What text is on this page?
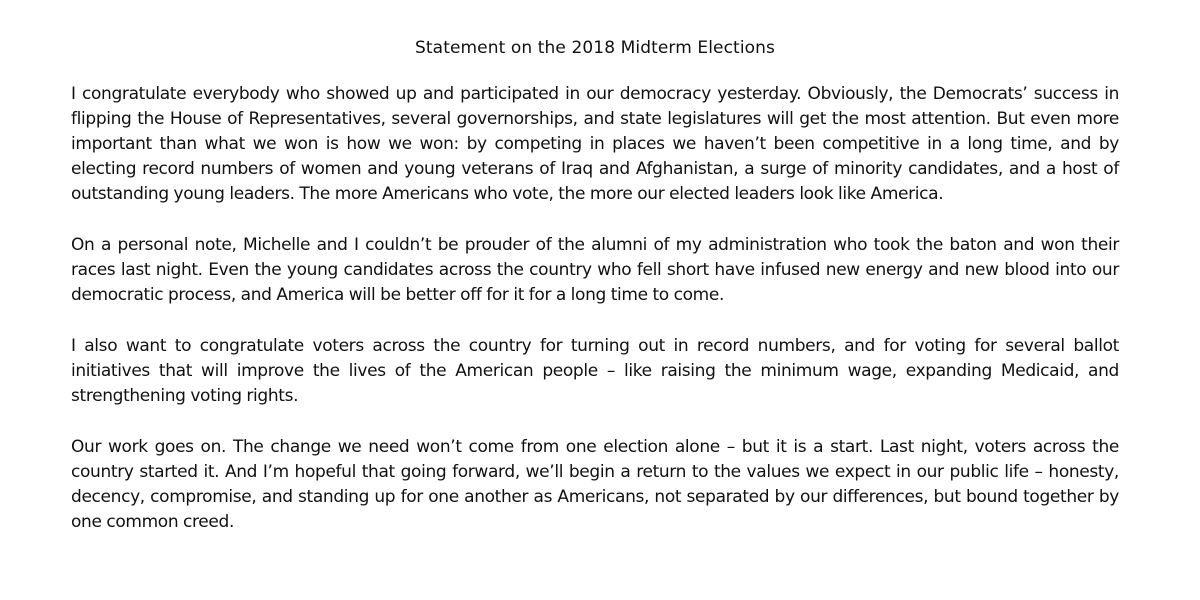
Statement on the 2018 Midterm Elections

I congratulate everybody who showed up and participated in our democracy yesterday. Obviously, the Democrats’ success in flipping the House of Representatives, several governorships, and state legislatures will get the most attention. But even more important than what we won is how we won: by competing in places we haven’t been competitive in a long time, and by electing record numbers of women and young veterans of Iraq and Afghanistan, a surge of minority candidates, and a host of outstanding young leaders. The more Americans who vote, the more our elected leaders look like America.

On a personal note, Michelle and I couldn’t be prouder of the alumni of my administration who took the baton and won their races last night. Even the young candidates across the country who fell short have infused new energy and new blood into our democratic process, and America will be better off for it for a long time to come.

I also want to congratulate voters across the country for turning out in record numbers, and for voting for several ballot initiatives that will improve the lives of the American people – like raising the minimum wage, expanding Medicaid, and strengthening voting rights.

Our work goes on. The change we need won’t come from one election alone – but it is a start. Last night, voters across the country started it. And I’m hopeful that going forward, we’ll begin a return to the values we expect in our public life – honesty, decency, compromise, and standing up for one another as Americans, not separated by our differences, but bound together by one common creed.
